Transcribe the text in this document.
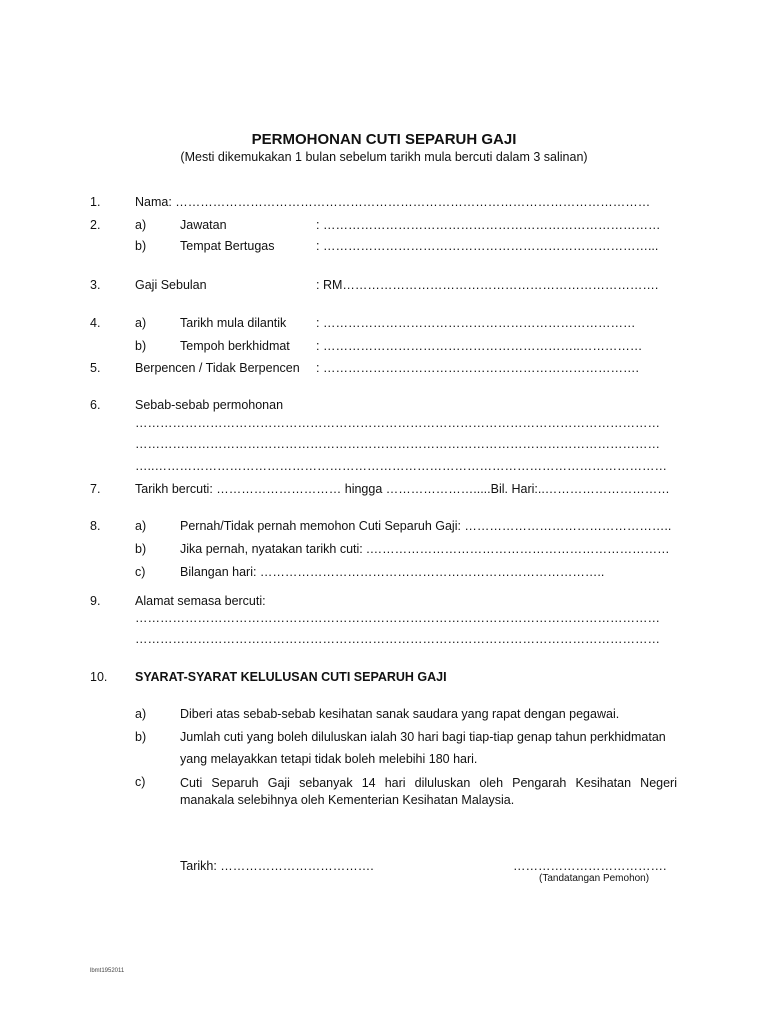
PERMOHONAN CUTI SEPARUH GAJI
(Mesti dikemukakan 1 bulan sebelum tarikh mula bercuti dalam 3 salinan)
1.	Nama: ……………………………………………………………………………………………………
2.	a)	Jawatan	: ………………………………………………………………………
b)	Tempat Bertugas	: ……………………………………………………………………...
3.	Gaji Sebulan	: RM………………………………………………………………….
4.	a)	Tarikh mula dilantik : …………………………………………………………………
b)	Tempoh berkhidmat : ……………………………………………………..……………
5.	Berpencen / Tidak Berpencen : ………………………………………………………………….
6.	Sebab-sebab permohonan
………………………………………………………………………………………………………………
………………………………………………………………………………………………………………
…..……………………………………………………………………………………………………………
7.	Tarikh bercuti: ………………………… hingga ………………….....Bil. Hari:..…………………………
8.	a)	Pernah/Tidak pernah memohon Cuti Separuh Gaji: …………………………………………..
b)	Jika pernah, nyatakan tarikh cuti: .………………………………………………………………
c)	Bilangan hari: ………………………………………………………………………..
9.	Alamat semasa bercuti:
………………………………………………………………………………………………………………
………………………………………………………………………………………………………………
10. SYARAT-SYARAT KELULUSAN CUTI SEPARUH GAJI
a)	Diberi atas sebab-sebab kesihatan sanak saudara yang rapat dengan pegawai.
b)	Jumlah cuti yang boleh diluluskan ialah 30 hari bagi tiap-tiap genap tahun perkhidmatan
yang melayakkan tetapi tidak boleh melebihi 180 hari.
c)	Cuti Separuh Gaji sebanyak 14 hari diluluskan oleh Pengarah Kesihatan Negeri manakala selebihnya oleh Kementerian Kesihatan Malaysia.
Tarikh: ……………………………….	……………………………….
(Tandatangan Pemohon)
lbmt1952011
